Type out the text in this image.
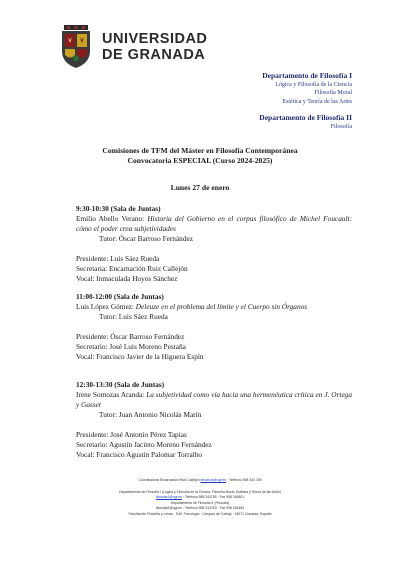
UNIVERSIDAD
DE GRANADA
Departamento de Filosofía I
Lógica y Filosofía de la Ciencia
Filosofía Moral
Estética y Teoría de las Artes
Departamento de Filosofía II
Filosofía
Comisiones de TFM del Máster en Filosofía Contemporánea
Convocatoria ESPECIAL (Curso 2024-2025)
Lunes 27 de enero
9:30-10:30 (Sala de Juntas)
Emilio Abello Verano: Historia del Gobierno en el corpus filosófico de Michel Foucault: cómo el poder crea subjetividades
Tutor: Óscar Barroso Fernández
Presidente: Luis Sáez Rueda
Secretaria: Encarnación Ruiz Callejón
Vocal: Inmaculada Hoyos Sánchez
11:00-12:00 (Sala de Juntas)
Luis López Gómez: Deleuze en el problema del límite y el Cuerpo sin Órganos
Tutor: Luis Sáez Rueda
Presidente: Óscar Barroso Fernández
Secretario: José Luis Moreno Pestaña
Vocal: Francisco Javier de la Higuera Espín
12:30-13:30 (Sala de Juntas)
Irene Somozas Aranda: La subjetividad como vía hacia una hermenéutica crítica en J. Ortega y Gasset
Tutor: Juan Antonio Nicolás Marín
Presidente: José Antonio Pérez Tapias
Secretario: Agustín Jacinto Moreno Fernández
Vocal: Francisco Agustín Palomar Torralbo
Coordinadora Encarnación Ruiz Callejón encaruiz@ugr.es · Teléfono 958 240 159
Departamento de Filosofía I (Lógica y Filosofía de la Ciencia, Filosofía Moral, Estética y Teoría de las Artes)
filosofia1@ugr.es · Teléfono 958 243785 · Fax 958 248801
Departamento de Filosofía II (Filosofía)
filosofia2@ugr.es · Teléfono 958 243783 · Fax 958 246484
Facultad de Filosofía y Letras · Edif. Psicología · Campus de Cartuja · 18071 Granada, España
